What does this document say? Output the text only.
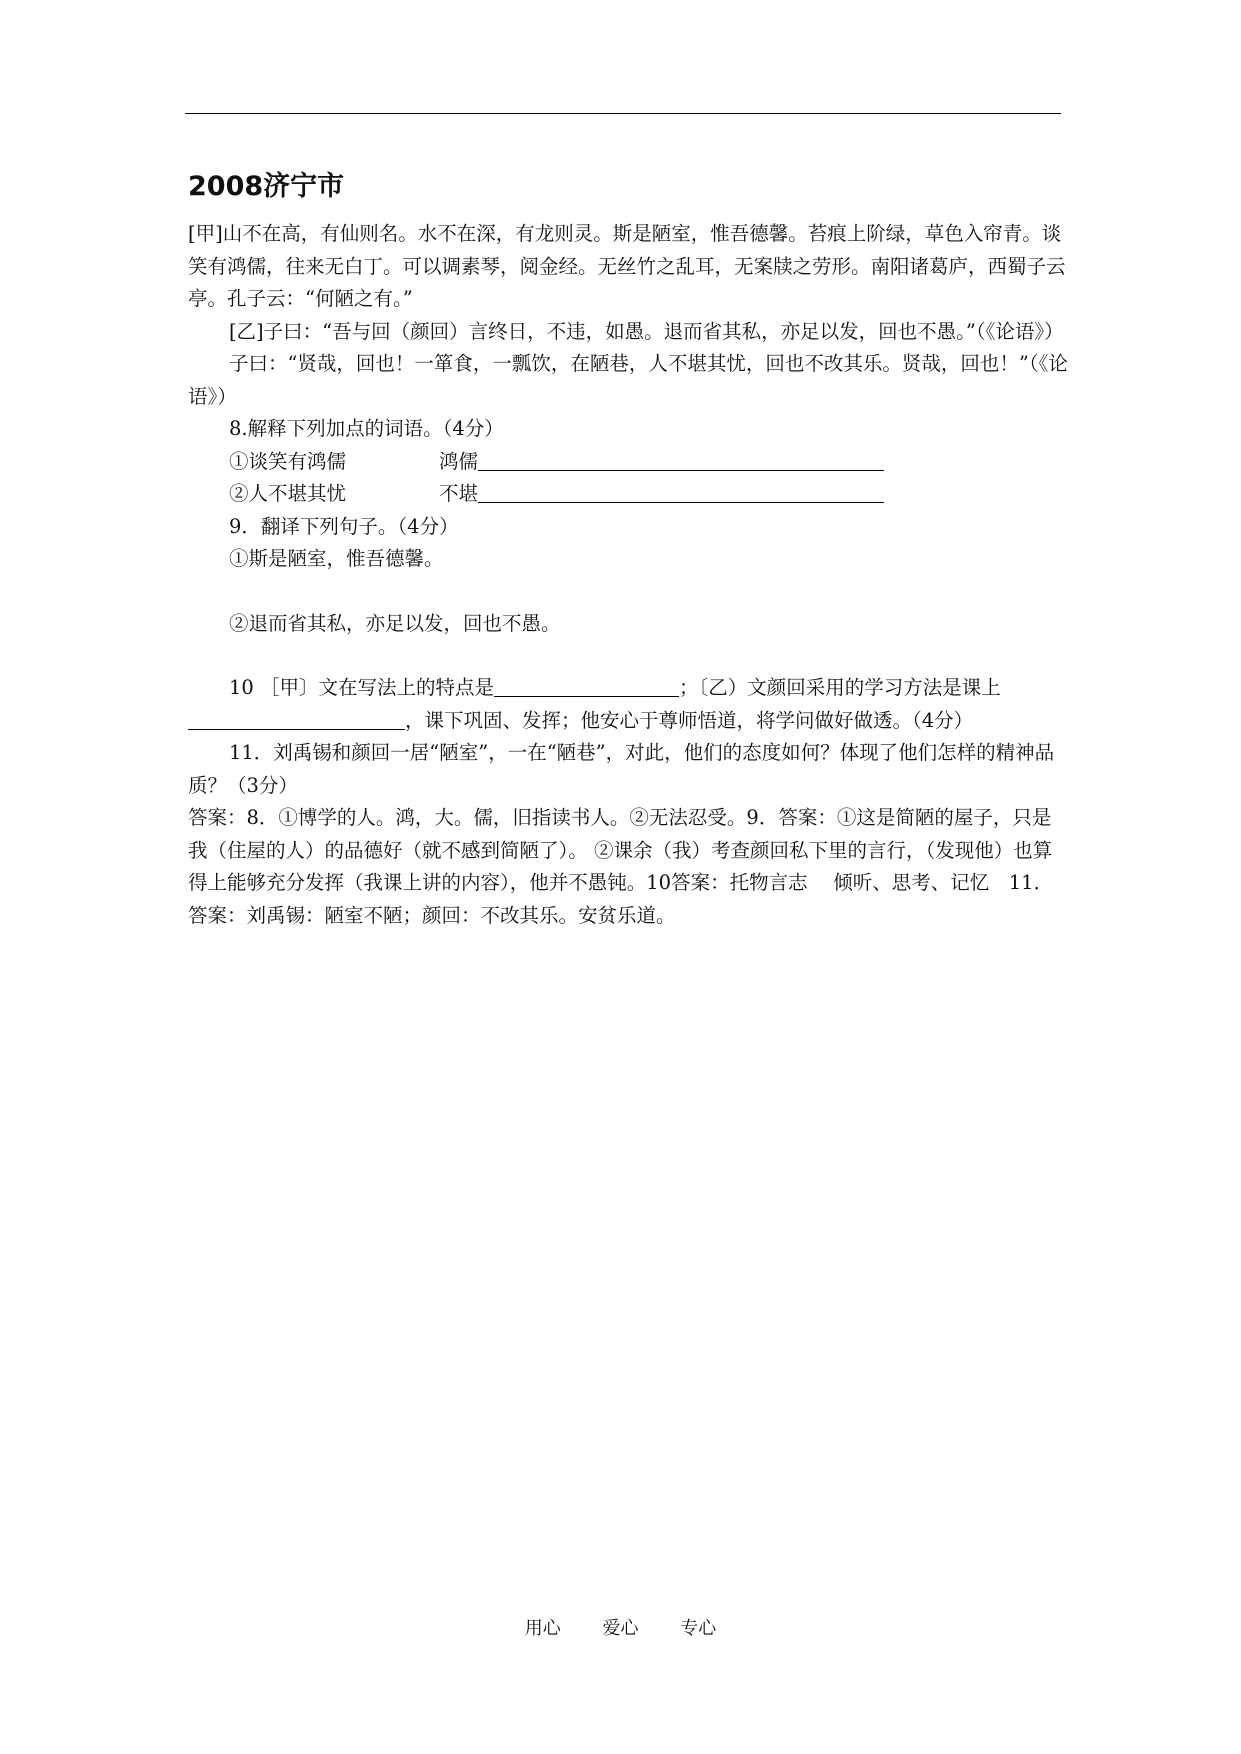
2008济宁市

[甲]山不在高，有仙则名。水不在深，有龙则灵。斯是陋室，惟吾德馨。苔痕上阶绿，草色入帘青。谈笑有鸿儒，往来无白丁。可以调素琴，阅金经。无丝竹之乱耳，无案牍之劳形。南阳诸葛庐，西蜀子云亭。孔子云：“何陋之有。”

[乙]子曰：“吾与回（颜回）言终日，不违，如愚。退而省其私，亦足以发，回也不愚。”（《论语》）

子曰：“贤哉，回也！一箪食，一瓢饮，在陋巷，人不堪其忧，回也不改其乐。贤哉，回也！”（《论语》）

8.解释下列加点的词语。（4分）

①谈笑有鸿儒	鸿儒

②人不堪其忧	不堪

9．翻译下列句子。（4分）

①斯是陋室，惟吾德馨。

②退而省其私，亦足以发，回也不愚。

10 ［甲〕文在写法上的特点是	；〔乙）文颜回采用的学习方法是课上，课下巩固、发挥；他安心于尊师悟道，将学问做好做透。（4分）

11．刘禹锡和颜回一居“陋室”，一在“陋巷”，对此，他们的态度如何？体现了他们怎样的精神品质？（3分）

答案：8．①博学的人。鸿，大。儒，旧指读书人。②无法忍受。9．答案：①这是简陋的屋子，只是我（住屋的人）的品德好（就不感到简陋了）。 ②课余（我）考查颜回私下里的言行，（发现他）也算得上能够充分发挥（我课上讲的内容），他并不愚钝。10答案：托物言志　 倾听、思考、记忆　11．答案：刘禹锡：陋室不陋；颜回：不改其乐。安贫乐道。

用心 爱心 专心
